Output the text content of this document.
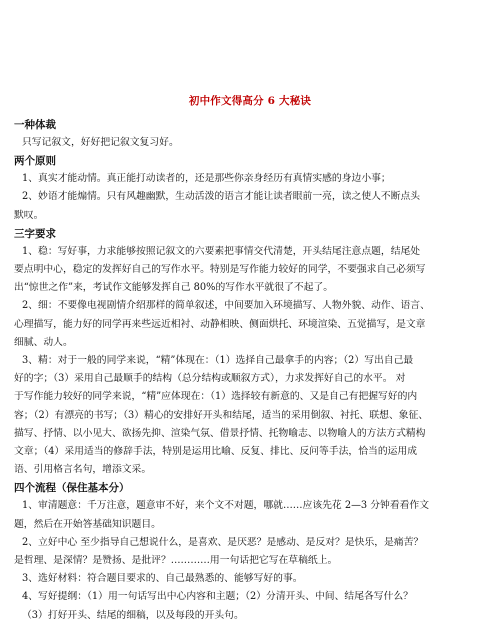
初中作文得高分 6 大秘诀
一种体裁
只写记叙文，好好把记叙文复习好。
两个原则
1、真实才能动情。真正能打动读者的，还是那些你亲身经历有真情实感的身边小事；
2、妙语才能煽情。只有风趣幽默，生动活泼的语言才能让读者眼前一亮，读之使人不断点头
默叹。
三字要求
1、稳：写好事，力求能够按照记叙文的六要素把事情交代清楚，开头结尾注意点题，结尾处
要点明中心，稳定的发挥好自己的写作水平。特别是写作能力较好的同学，不要强求自己必须写
出“惊世之作”来，考试作文能够发挥自己 80%的写作水平就很了不起了。
2、细：不要像电视剧情介绍那样的简单叙述，中间要加入环境描写、人物外貌、动作、语言、
心理描写，能力好的同学再来些远近相衬、动静相映、侧面烘托、环境渲染、五觉描写，是文章
细腻、动人。
3、精：对于一般的同学来说，“精”体现在：（1）选择自己最拿手的内容；（2）写出自己最
好的字；（3）采用自己最顺手的结构（总分结构或顺叙方式），力求发挥好自己的水平。 对
于写作能力较好的同学来说，“精”应体现在：（1）选择较有新意的、又是自己有把握写好的内
容；（2）有漂亮的书写；（3）精心的安排好开头和结尾，适当的采用倒叙、衬托、联想、象征、
描写、抒情、以小见大、欲扬先抑、渲染气氛、借景抒情、托物喻志、以物喻人的方法方式精构
文章；（4）采用适当的修辞手法，特别是运用比喻、反复、排比、反问等手法，恰当的运用成
语、引用格言名句，增添文采。
四个流程（保住基本分）
1、审清题意：千万注意，题意审不好，来个文不对题，哪就……应该先花 2—3 分钟看看作文
题，然后在开始答基础知识题目。
2、立好中心 至少指导自己想说什么，是喜欢、是厌恶？是感动、是反对？是快乐，是痛苦？
是哲理、是深情？是赞扬、是批评？…………用一句话把它写在草稿纸上。
3、选好材料：符合题目要求的、自己最熟悉的、能够写好的事。
4、写好提纲：（1）用一句话写出中心内容和主题；（2）分清开头、中间、结尾各写什么？
（3）打好开头、结尾的细稿，以及每段的开头句。
